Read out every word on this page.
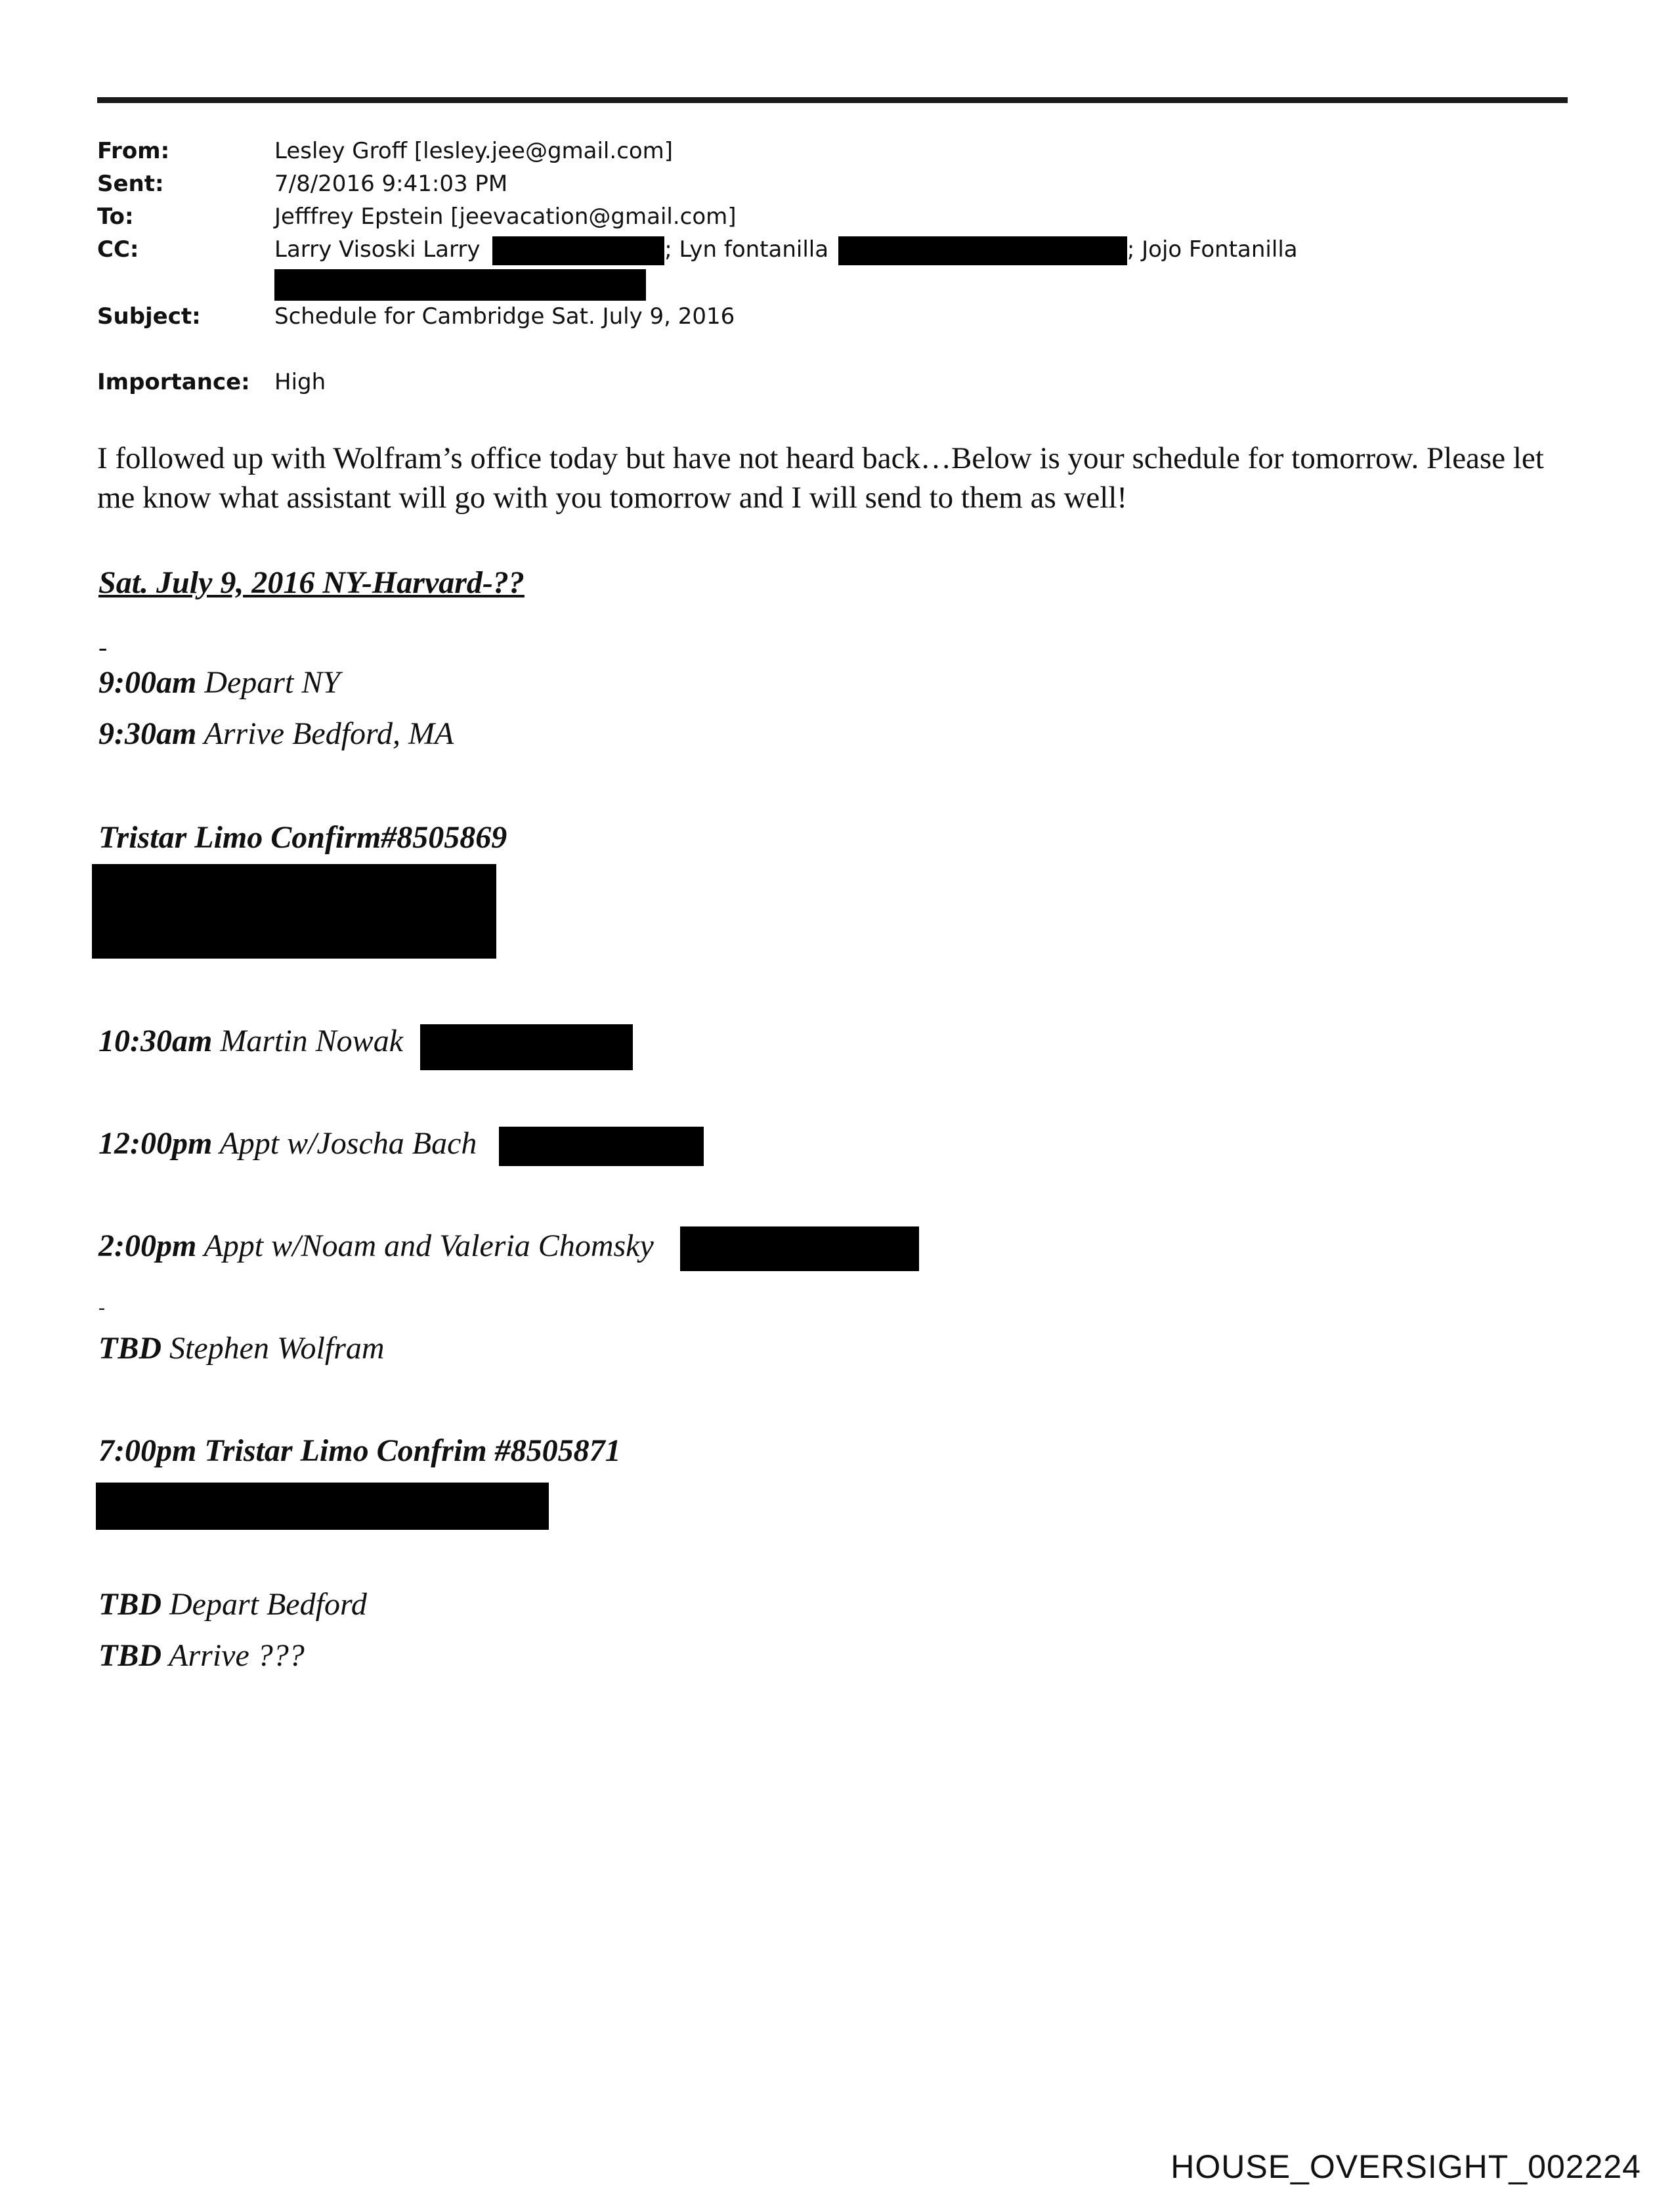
From:	Lesley Groff [lesley.jee@gmail.com]
Sent:	7/8/2016 9:41:03 PM
To:	Jefffrey Epstein [jeevacation@gmail.com]
CC:	Larry Visoski Larry	; Lyn fontanilla	; Jojo Fontanilla
Subject:	Schedule for Cambridge Sat. July 9, 2016
Importance: High
I followed up with Wolfram’s office today but have not heard back…Below is your schedule for tomorrow. Please let me know what assistant will go with you tomorrow and I will send to them as well!
Sat. July 9, 2016 NY-Harvard-??
-
9:00am Depart NY
9:30am Arrive Bedford, MA
Tristar Limo Confirm#8505869
10:30am Martin Nowak
12:00pm Appt w/Joscha Bach
2:00pm Appt w/Noam and Valeria Chomsky
-
TBD Stephen Wolfram
7:00pm Tristar Limo Confrim #8505871
TBD Depart Bedford
TBD Arrive ???
HOUSE_OVERSIGHT_002224
